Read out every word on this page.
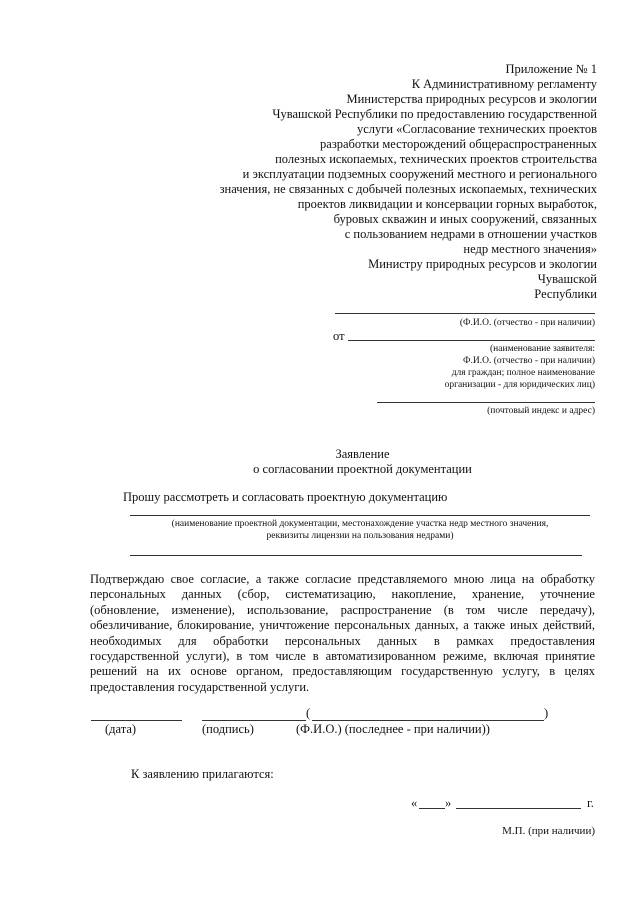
Приложение № 1
К Административному регламенту
Министерства природных ресурсов и экологии
Чувашской Республики по предоставлению государственной
услуги «Согласование технических проектов
разработки месторождений общераспространенных
полезных ископаемых, технических проектов строительства
и эксплуатации подземных сооружений местного и регионального
значения, не связанных с добычей полезных ископаемых, технических
проектов ликвидации и консервации горных выработок,
буровых скважин и иных сооружений, связанных
с пользованием недрами в отношении участков
недр местного значения»
Министру природных ресурсов и экологии
Чувашской
Республики
(Ф.И.О. (отчество - при наличии)
от
(наименование заявителя:
Ф.И.О. (отчество - при наличии)
для граждан; полное наименование
организации - для юридических лиц)
(почтовый индекс и адрес)
Заявление
о согласовании проектной документации
Прошу рассмотреть и согласовать проектную документацию
(наименование проектной документации, местонахождение участка недр местного значения,
реквизиты лицензии на пользования недрами)
Подтверждаю свое согласие, а также согласие представляемого мною лица на обработку
персональных данных (сбор, систематизацию, накопление, хранение, уточнение
(обновление, изменение), использование, распространение (в том числе передачу),
обезличивание, блокирование, уничтожение персональных данных, а также иных действий,
необходимых для обработки персональных данных в рамках предоставления
государственной услуги), в том числе в автоматизированном режиме, включая принятие
решений на их основе органом, предоставляющим государственную услугу, в целях
предоставления государственной услуги.
(	)
(дата)	(подпись)	(Ф.И.О.) (последнее - при наличии))
К заявлению прилагаются:
« »	г.
М.П. (при наличии)
